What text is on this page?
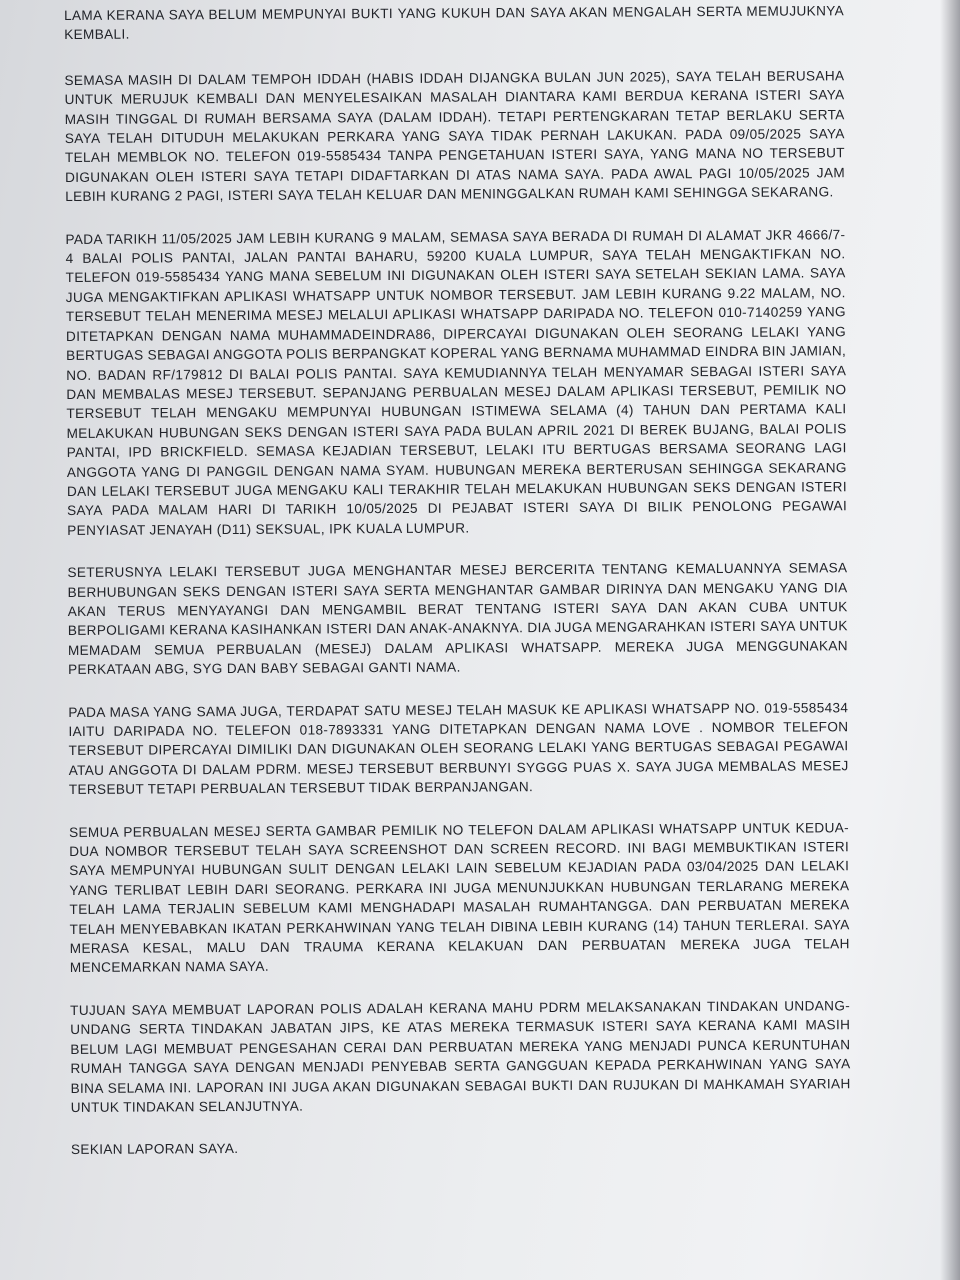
LAMA KERANA SAYA BELUM MEMPUNYAI BUKTI YANG KUKUH DAN SAYA AKAN MENGALAH SERTA MEMUJUKNYA KEMBALI.

SEMASA MASIH DI DALAM TEMPOH IDDAH (HABIS IDDAH DIJANGKA BULAN JUN 2025), SAYA TELAH BERUSAHA UNTUK MERUJUK KEMBALI DAN MENYELESAIKAN MASALAH DIANTARA KAMI BERDUA KERANA ISTERI SAYA MASIH TINGGAL DI RUMAH BERSAMA SAYA (DALAM IDDAH). TETAPI PERTENGKARAN TETAP BERLAKU SERTA SAYA TELAH DITUDUH MELAKUKAN PERKARA YANG SAYA TIDAK PERNAH LAKUKAN. PADA 09/05/2025 SAYA TELAH MEMBLOK NO. TELEFON 019-5585434 TANPA PENGETAHUAN ISTERI SAYA, YANG MANA NO TERSEBUT DIGUNAKAN OLEH ISTERI SAYA TETAPI DIDAFTARKAN DI ATAS NAMA SAYA. PADA AWAL PAGI 10/05/2025 JAM LEBIH KURANG 2 PAGI, ISTERI SAYA TELAH KELUAR DAN MENINGGALKAN RUMAH KAMI SEHINGGA SEKARANG.

PADA TARIKH 11/05/2025 JAM LEBIH KURANG 9 MALAM, SEMASA SAYA BERADA DI RUMAH DI ALAMAT JKR 4666/7-4 BALAI POLIS PANTAI, JALAN PANTAI BAHARU, 59200 KUALA LUMPUR, SAYA TELAH MENGAKTIFKAN NO. TELEFON 019-5585434 YANG MANA SEBELUM INI DIGUNAKAN OLEH ISTERI SAYA SETELAH SEKIAN LAMA. SAYA JUGA MENGAKTIFKAN APLIKASI WHATSAPP UNTUK NOMBOR TERSEBUT. JAM LEBIH KURANG 9.22 MALAM, NO. TERSEBUT TELAH MENERIMA MESEJ MELALUI APLIKASI WHATSAPP DARIPADA NO. TELEFON 010-7140259 YANG DITETAPKAN DENGAN NAMA MUHAMMADEINDRA86, DIPERCAYAI DIGUNAKAN OLEH SEORANG LELAKI YANG BERTUGAS SEBAGAI ANGGOTA POLIS BERPANGKAT KOPERAL YANG BERNAMA MUHAMMAD EINDRA BIN JAMIAN, NO. BADAN RF/179812 DI BALAI POLIS PANTAI. SAYA KEMUDIANNYA TELAH MENYAMAR SEBAGAI ISTERI SAYA DAN MEMBALAS MESEJ TERSEBUT. SEPANJANG PERBUALAN MESEJ DALAM APLIKASI TERSEBUT, PEMILIK NO TERSEBUT TELAH MENGAKU MEMPUNYAI HUBUNGAN ISTIMEWA SELAMA (4) TAHUN DAN PERTAMA KALI MELAKUKAN HUBUNGAN SEKS DENGAN ISTERI SAYA PADA BULAN APRIL 2021 DI BEREK BUJANG, BALAI POLIS PANTAI, IPD BRICKFIELD. SEMASA KEJADIAN TERSEBUT, LELAKI ITU BERTUGAS BERSAMA SEORANG LAGI ANGGOTA YANG DI PANGGIL DENGAN NAMA SYAM. HUBUNGAN MEREKA BERTERUSAN SEHINGGA SEKARANG DAN LELAKI TERSEBUT JUGA MENGAKU KALI TERAKHIR TELAH MELAKUKAN HUBUNGAN SEKS DENGAN ISTERI SAYA PADA MALAM HARI DI TARIKH 10/05/2025 DI PEJABAT ISTERI SAYA DI BILIK PENOLONG PEGAWAI PENYIASAT JENAYAH (D11) SEKSUAL, IPK KUALA LUMPUR.

SETERUSNYA LELAKI TERSEBUT JUGA MENGHANTAR MESEJ BERCERITA TENTANG KEMALUANNYA SEMASA BERHUBUNGAN SEKS DENGAN ISTERI SAYA SERTA MENGHANTAR GAMBAR DIRINYA DAN MENGAKU YANG DIA AKAN TERUS MENYAYANGI DAN MENGAMBIL BERAT TENTANG ISTERI SAYA DAN AKAN CUBA UNTUK BERPOLIGAMI KERANA KASIHANKAN ISTERI DAN ANAK-ANAKNYA. DIA JUGA MENGARAHKAN ISTERI SAYA UNTUK MEMADAM SEMUA PERBUALAN (MESEJ) DALAM APLIKASI WHATSAPP. MEREKA JUGA MENGGUNAKAN PERKATAAN ABG, SYG DAN BABY SEBAGAI GANTI NAMA.

PADA MASA YANG SAMA JUGA, TERDAPAT SATU MESEJ TELAH MASUK KE APLIKASI WHATSAPP NO. 019-5585434 IAITU DARIPADA NO. TELEFON 018-7893331 YANG DITETAPKAN DENGAN NAMA LOVE . NOMBOR TELEFON TERSEBUT DIPERCAYAI DIMILIKI DAN DIGUNAKAN OLEH SEORANG LELAKI YANG BERTUGAS SEBAGAI PEGAWAI ATAU ANGGOTA DI DALAM PDRM. MESEJ TERSEBUT BERBUNYI SYGGG PUAS X. SAYA JUGA MEMBALAS MESEJ TERSEBUT TETAPI PERBUALAN TERSEBUT TIDAK BERPANJANGAN.

SEMUA PERBUALAN MESEJ SERTA GAMBAR PEMILIK NO TELEFON DALAM APLIKASI WHATSAPP UNTUK KEDUA-DUA NOMBOR TERSEBUT TELAH SAYA SCREENSHOT DAN SCREEN RECORD. INI BAGI MEMBUKTIKAN ISTERI SAYA MEMPUNYAI HUBUNGAN SULIT DENGAN LELAKI LAIN SEBELUM KEJADIAN PADA 03/04/2025 DAN LELAKI YANG TERLIBAT LEBIH DARI SEORANG. PERKARA INI JUGA MENUNJUKKAN HUBUNGAN TERLARANG MEREKA TELAH LAMA TERJALIN SEBELUM KAMI MENGHADAPI MASALAH RUMAHTANGGA. DAN PERBUATAN MEREKA TELAH MENYEBABKAN IKATAN PERKAHWINAN YANG TELAH DIBINA LEBIH KURANG (14) TAHUN TERLERAI. SAYA MERASA KESAL, MALU DAN TRAUMA KERANA KELAKUAN DAN PERBUATAN MEREKA JUGA TELAH MENCEMARKAN NAMA SAYA.

TUJUAN SAYA MEMBUAT LAPORAN POLIS ADALAH KERANA MAHU PDRM MELAKSANAKAN TINDAKAN UNDANG-UNDANG SERTA TINDAKAN JABATAN JIPS, KE ATAS MEREKA TERMASUK ISTERI SAYA KERANA KAMI MASIH BELUM LAGI MEMBUAT PENGESAHAN CERAI DAN PERBUATAN MEREKA YANG MENJADI PUNCA KERUNTUHAN RUMAH TANGGA SAYA DENGAN MENJADI PENYEBAB SERTA GANGGUAN KEPADA PERKAHWINAN YANG SAYA BINA SELAMA INI. LAPORAN INI JUGA AKAN DIGUNAKAN SEBAGAI BUKTI DAN RUJUKAN DI MAHKAMAH SYARIAH UNTUK TINDAKAN SELANJUTNYA.

SEKIAN LAPORAN SAYA.
